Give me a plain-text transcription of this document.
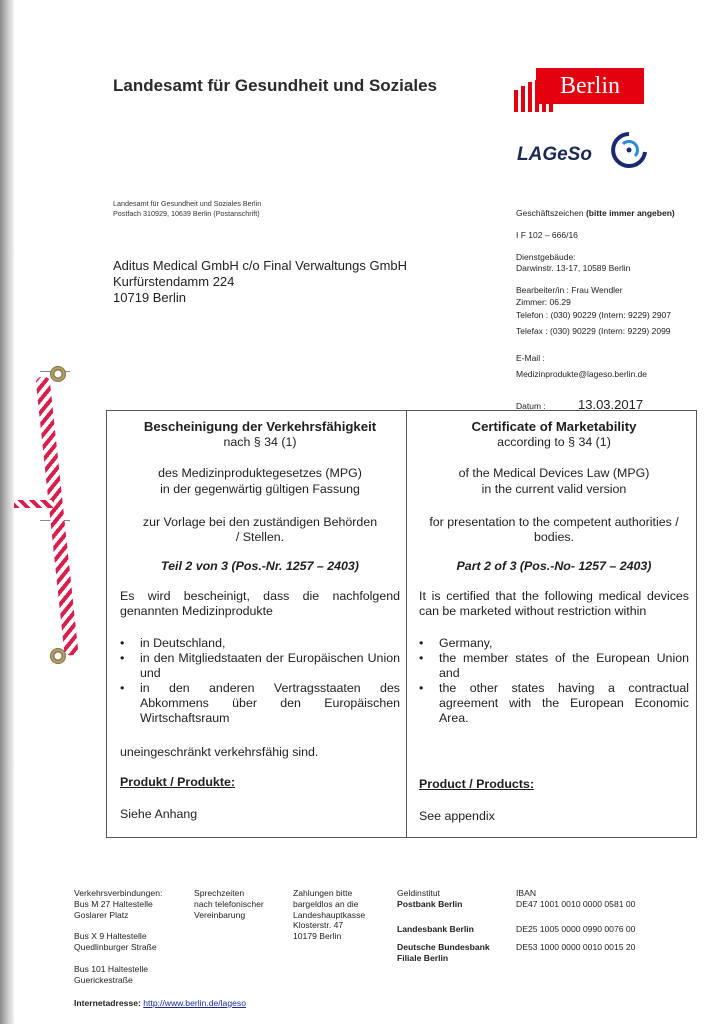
Landesamt für Gesundheit und Soziales	Berlin
LAGeSo
Landesamt für Gesundheit und Soziales Berlin
Postfach 310929, 10639 Berlin (Postanschrift)	Geschäftszeichen (bitte immer angeben)
I F 102 – 666/16
Dienstgebäude:
Darwinstr. 13-17, 10589 Berlin
Bearbeiter/in : Frau Wendler
Zimmer: 06.29
Telefon : (030) 90229 (Intern: 9229) 2907
Telefax : (030) 90229 (Intern: 9229) 2099
E-Mail :
Medizinprodukte@lageso.berlin.de
Aditus Medical GmbH c/o Final Verwaltungs GmbH
Kurfürstendamm 224
10719 Berlin
Datum : 13.03.2017
Bescheinigung der Verkehrsfähigkeit
nach § 34 (1)
des Medizinproduktegesetzes (MPG)
in der gegenwärtig gültigen Fassung
zur Vorlage bei den zuständigen Behörden / Stellen.
Teil 2 von 3 (Pos.-Nr. 1257 – 2403)
Es wird bescheinigt, dass die nachfolgend genannten Medizinprodukte
• in Deutschland,
• in den Mitgliedstaaten der Europäischen Union und
• in den anderen Vertragsstaaten des Abkommens über den Europäischen Wirtschaftsraum
uneingeschränkt verkehrsfähig sind.
Produkt / Produkte:
Siehe Anhang
Certificate of Marketability
according to § 34 (1)
of the Medical Devices Law (MPG)
in the current valid version
for presentation to the competent authorities / bodies.
Part 2 of 3 (Pos.-No- 1257 – 2403)
It is certified that the following medical devices can be marketed without restriction within
• Germany,
• the member states of the European Union and
• the other states having a contractual agreement with the European Economic Area.
Product / Products:
See appendix
Verkehrsverbindungen:
Bus M 27 Haltestelle
Goslarer Platz
Bus X 9 Haltestelle
Quedlinburger Straße
Bus 101 Haltestelle
Guerickestraße
Sprechzeiten
nach telefonischer
Vereinbarung
Zahlungen bitte
bargeldlos an die
Landeshauptkasse
Klosterstr. 47
10179 Berlin
Geldinstitut
Postbank Berlin
Landesbank Berlin
Deutsche Bundesbank
Filiale Berlin
IBAN
DE47 1001 0010 0000 0581 00
DE25 1005 0000 0990 0076 00
DE53 1000 0000 0010 0015 20
Internetadresse: http://www.berlin.de/lageso
